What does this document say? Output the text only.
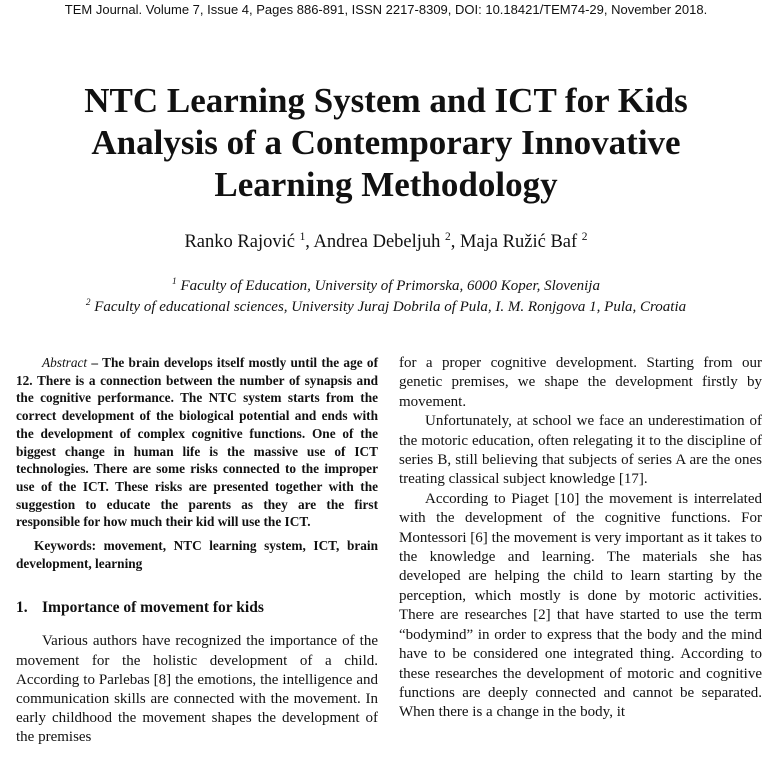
TEM Journal. Volume 7, Issue 4, Pages 886-891, ISSN 2217-8309, DOI: 10.18421/TEM74-29, November 2018.
NTC Learning System and ICT for Kids
Analysis of a Contemporary Innovative
Learning Methodology
Ranko Rajović $^1$, Andrea Debeljuh $^2$, Maja Ružić Baf $^2$
$^1$ Faculty of Education, University of Primorska, 6000 Koper, Slovenija
$^2$ Faculty of educational sciences, University Juraj Dobrila of Pula, I. M. Ronjgova 1, Pula, Croatia

Abstract – The brain develops itself mostly until the age of 12. There is a connection between the number of synapsis and the cognitive performance. The NTC system starts from the correct development of the biological potential and ends with the development of complex cognitive functions. One of the biggest change in human life is the massive use of ICT technologies. There are some risks connected to the improper use of the ICT. These risks are presented together with the suggestion to educate the parents as they are the first responsible for how much their kid will use the ICT.

Keywords: movement, NTC learning system, ICT, brain development, learning

1. Importance of movement for kids

Various authors have recognized the importance of the movement for the holistic development of a child. According to Parlebas [8] the emotions, the intelligence and communication skills are connected with the movement. In early childhood the movement shapes the development of the premises

for a proper cognitive development. Starting from our genetic premises, we shape the development firstly by movement.

Unfortunately, at school we face an underestimation of the motoric education, often relegating it to the discipline of series B, still believing that subjects of series A are the ones treating classical subject knowledge [17].

According to Piaget [10] the movement is interrelated with the development of the cognitive functions. For Montessori [6] the movement is very important as it takes to the knowledge and learning. The materials she has developed are helping the child to learn starting by the perception, which mostly is done by motoric activities. There are researches [2] that have started to use the term “bodymind” in order to express that the body and the mind have to be considered one integrated thing. According to these researches the development of motoric and cognitive functions are deeply connected and cannot be separated. When there is a change in the body, it
